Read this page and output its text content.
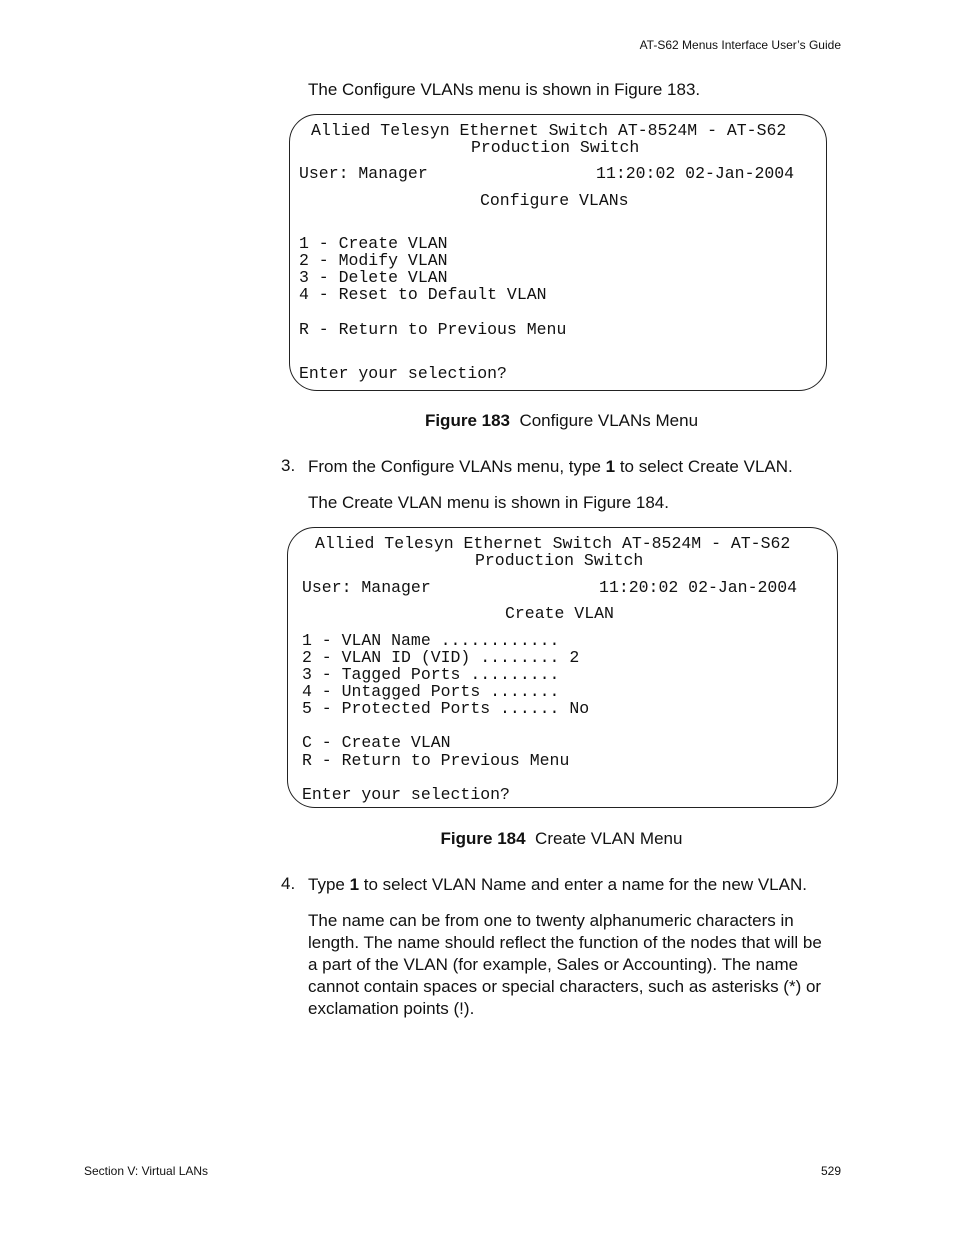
AT-S62 Menus Interface User’s Guide
The Configure VLANs menu is shown in Figure 183.
Allied Telesyn Ethernet Switch AT-8524M - AT-S62
Production Switch
User: Manager                 11:20:02 02-Jan-2004
Configure VLANs
1 - Create VLAN
2 - Modify VLAN
3 - Delete VLAN
4 - Reset to Default VLAN
R - Return to Previous Menu
Enter your selection?
Figure 183 Configure VLANs Menu
3. From the Configure VLANs menu, type 1 to select Create VLAN.
The Create VLAN menu is shown in Figure 184.
Allied Telesyn Ethernet Switch AT-8524M - AT-S62
Production Switch
User: Manager                 11:20:02 02-Jan-2004
Create VLAN
1 - VLAN Name ............
2 - VLAN ID (VID) ........ 2
3 - Tagged Ports .........
4 - Untagged Ports .......
5 - Protected Ports ...... No
C - Create VLAN
R - Return to Previous Menu
Enter your selection?
Figure 184 Create VLAN Menu
4. Type 1 to select VLAN Name and enter a name for the new VLAN.
The name can be from one to twenty alphanumeric characters in
length. The name should reflect the function of the nodes that will be
a part of the VLAN (for example, Sales or Accounting). The name
cannot contain spaces or special characters, such as asterisks (*) or
exclamation points (!).
Section V: Virtual LANs	529
